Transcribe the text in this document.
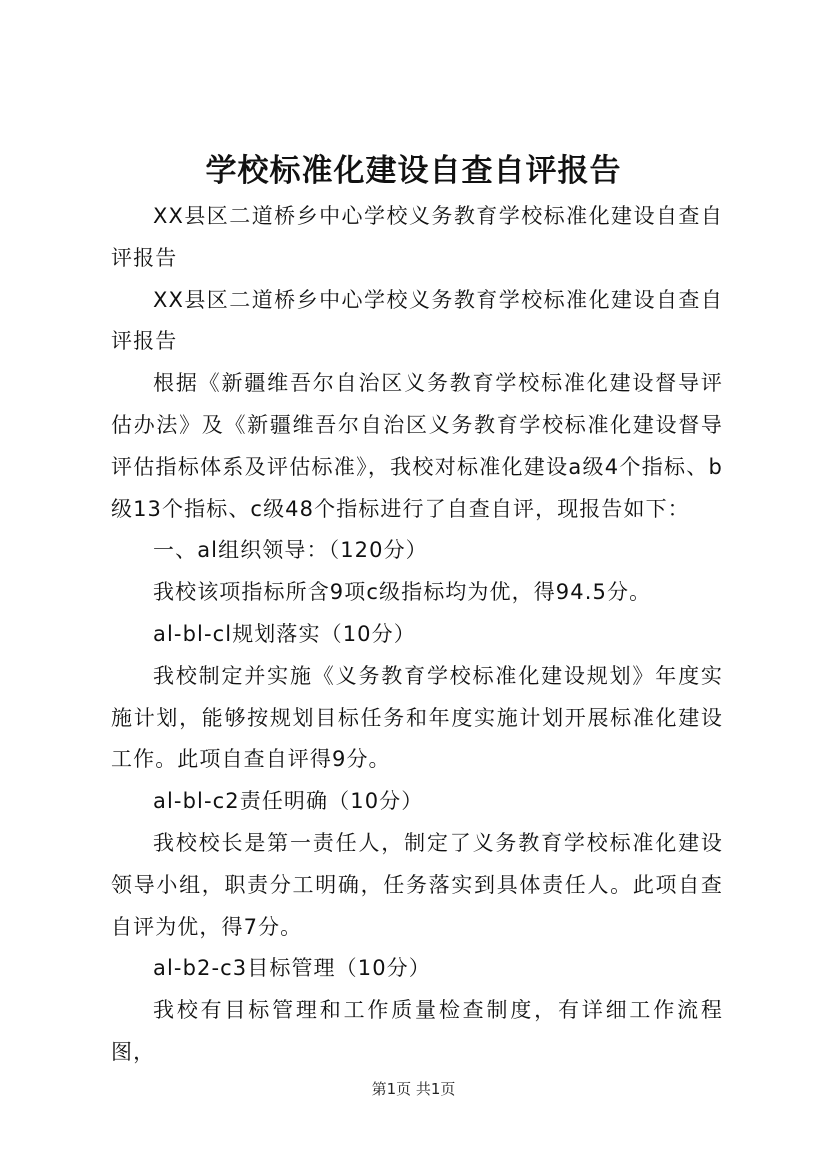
学校标准化建设自查自评报告

XX县区二道桥乡中心学校义务教育学校标准化建设自查自评报告

XX县区二道桥乡中心学校义务教育学校标准化建设自查自评报告

根据《新疆维吾尔自治区义务教育学校标准化建设督导评估办法》及《新疆维吾尔自治区义务教育学校标准化建设督导评估指标体系及评估标准》，我校对标准化建设a级4个指标、b级13个指标、c级48个指标进行了自查自评，现报告如下：

一、al组织领导：（120分）

我校该项指标所含9项c级指标均为优，得94.5分。

al-bl-cl规划落实（10分）

我校制定并实施《义务教育学校标准化建设规划》年度实施计划，能够按规划目标任务和年度实施计划开展标准化建设工作。此项自查自评得9分。

al-bl-c2责任明确（10分）

我校校长是第一责任人，制定了义务教育学校标准化建设领导小组，职责分工明确，任务落实到具体责任人。此项自查自评为优，得7分。

al-b2-c3目标管理（10分）

我校有目标管理和工作质量检查制度，有详细工作流程图，

第1页 共1页
